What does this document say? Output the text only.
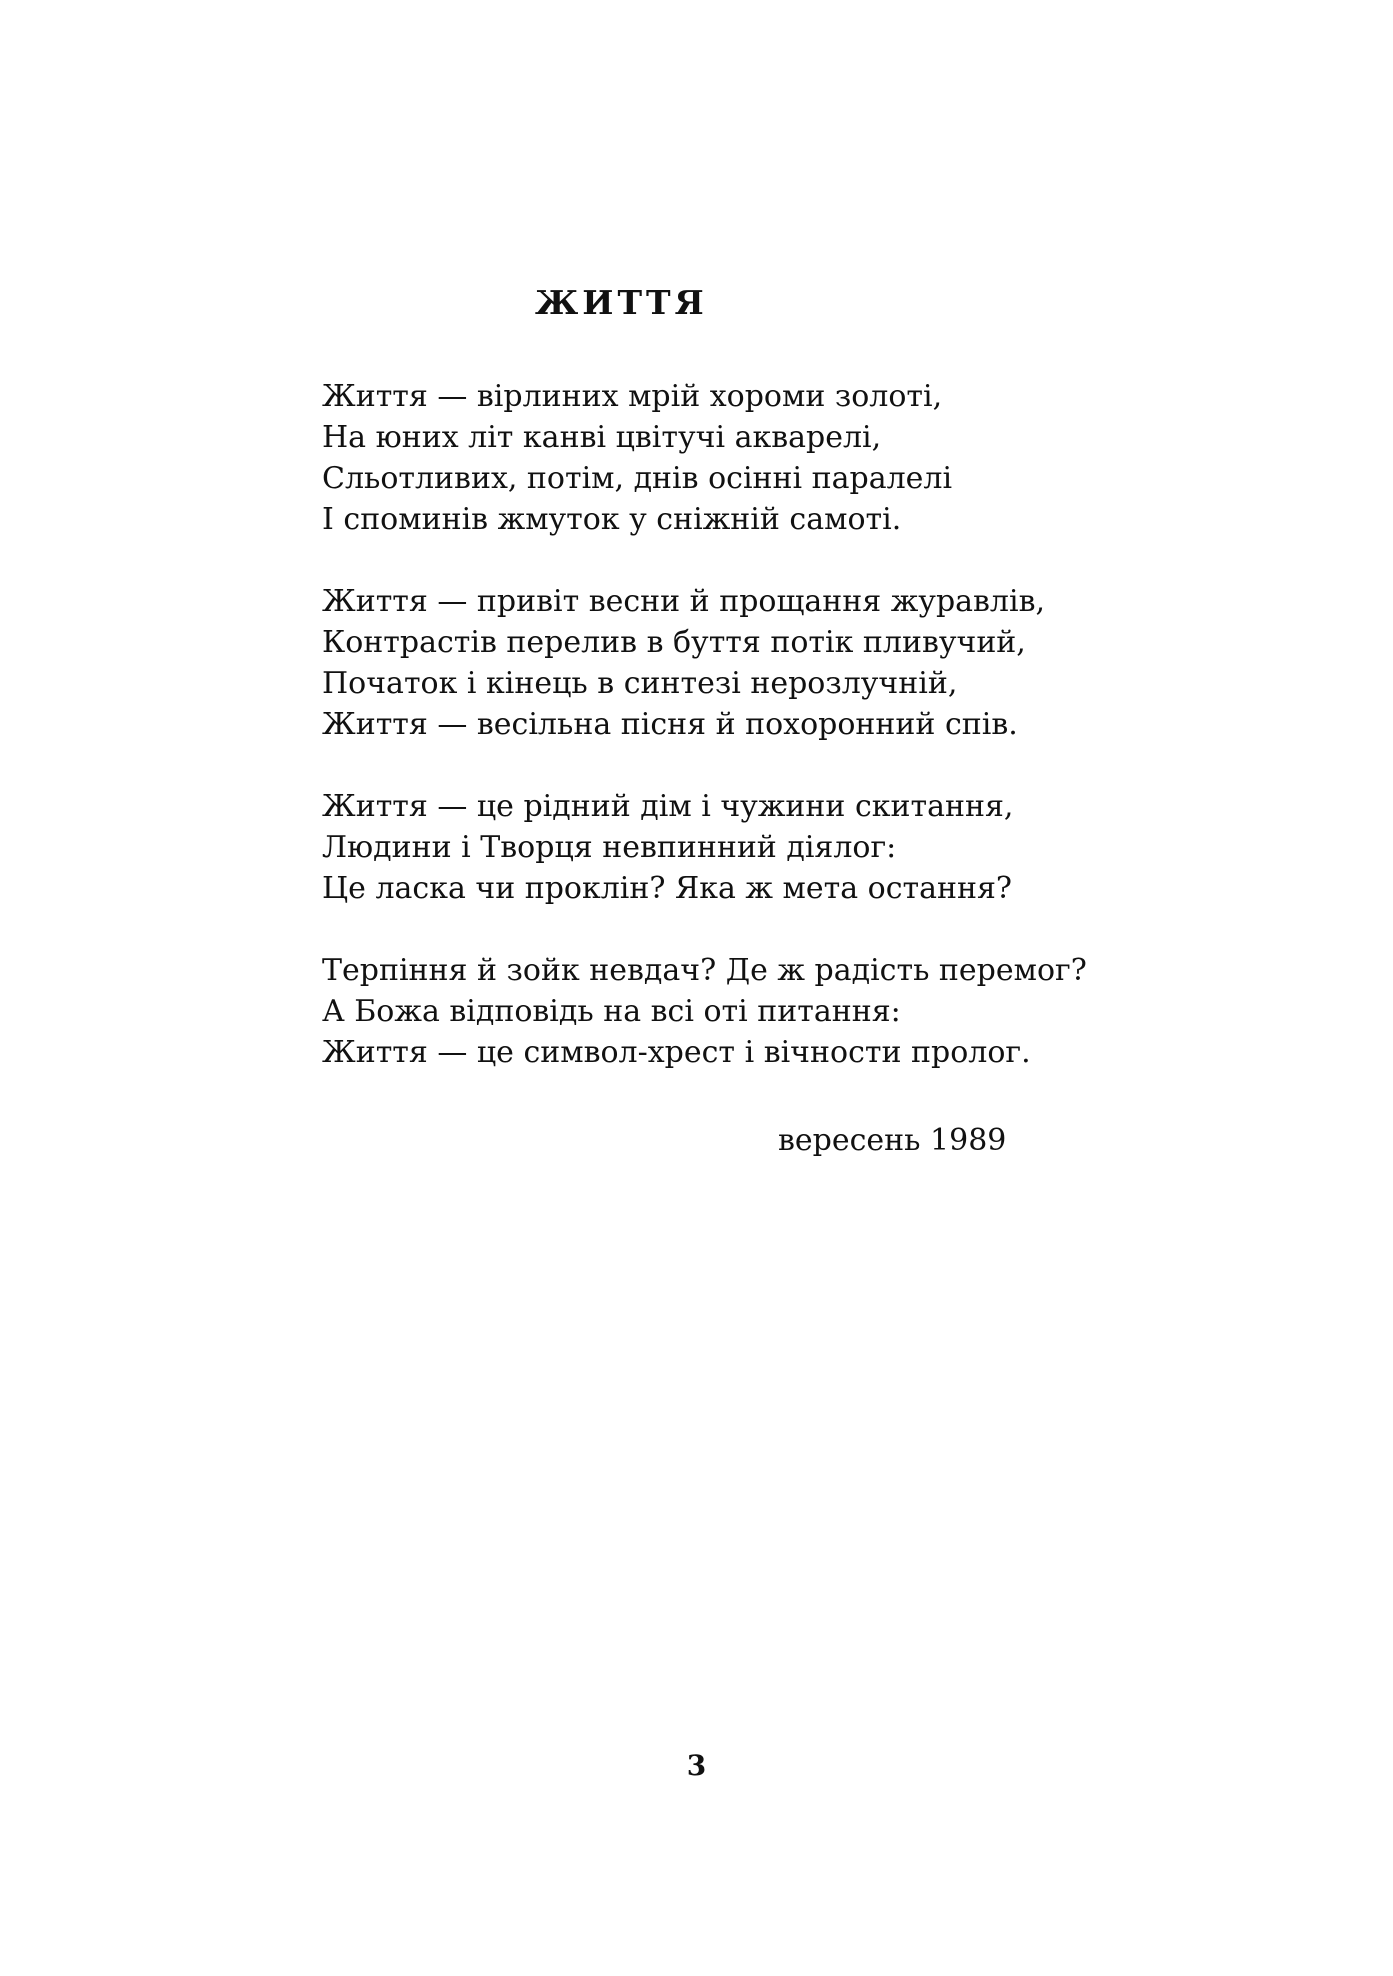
ЖИТТЯ
Життя — вірлиних мрій хороми золоті,
На юних літ канві цвітучі акварелі,
Сльотливих, потім, днів осінні паралелі
І споминів жмуток у сніжній самоті.
Життя — привіт весни й прощання журавлів,
Контрастів перелив в буття потік пливучий,
Початок і кінець в синтезі нерозлучній,
Життя — весільна пісня й похоронний спів.
Життя — це рідний дім і чужини скитання,
Людини і Творця невпинний діялог:
Це ласка чи проклін? Яка ж мета остання?
Терпіння й зойк невдач? Де ж радість перемог?
А Божа відповідь на всі оті питання:
Життя — це символ-хрест і вічности пролог.
вересень 1989
3
